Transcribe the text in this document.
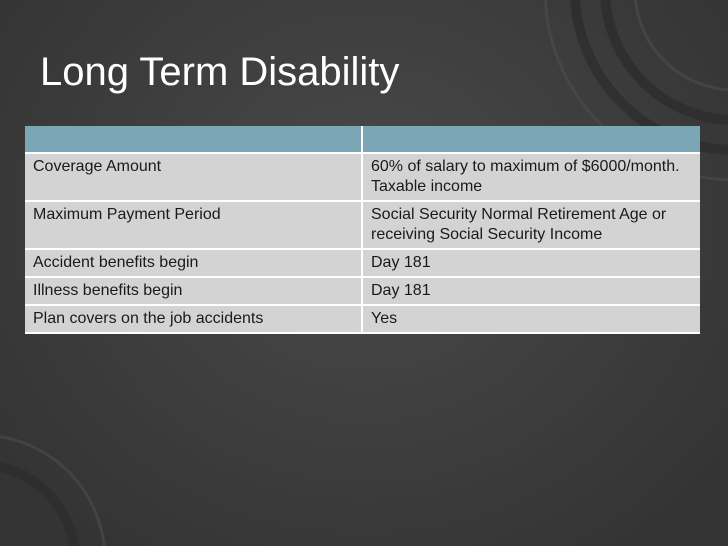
Long Term Disability

Coverage Amount	60% of salary to maximum of $6000/month. Taxable income
Maximum Payment Period	Social Security Normal Retirement Age or receiving Social Security Income
Accident benefits begin	Day 181
Illness benefits begin	Day 181
Plan covers on the job accidents	Yes
